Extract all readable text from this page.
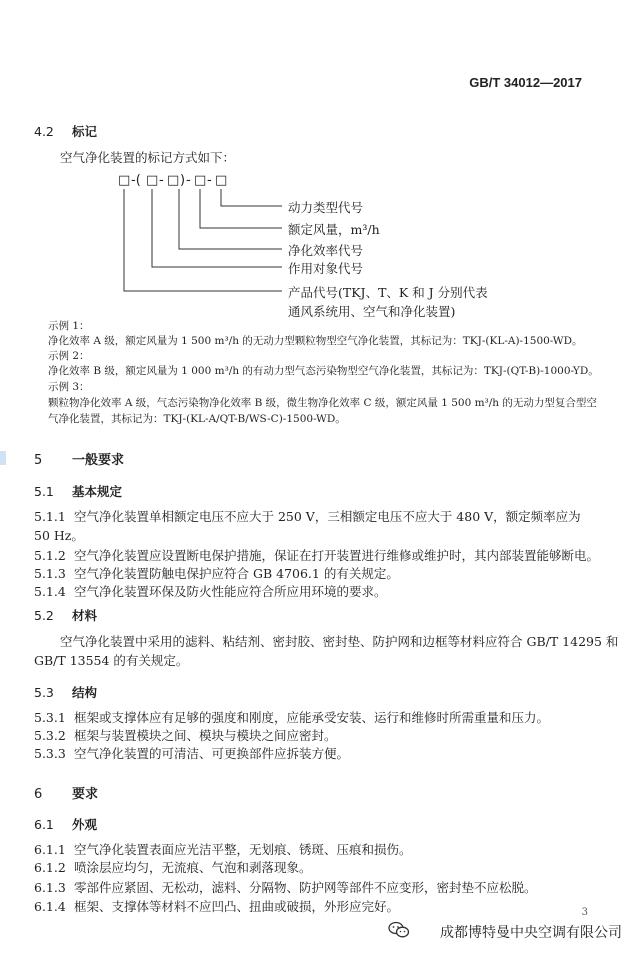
GB/T 34012—2017
4.2 标记
空气净化装置的标记方式如下：
□ -( □ - □ ) - □ - □
动力类型代号
额定风量，m³/h
净化效率代号
作用对象代号
产品代号(TKJ、T、K 和 J 分别代表
通风系统用、空气和净化装置)
示例 1：
净化效率 A 级，额定风量为 1 500 m³/h 的无动力型颗粒物型空气净化装置，其标记为：TKJ-(KL-A)-1500-WD。
示例 2：
净化效率 B 级，额定风量为 1 000 m³/h 的有动力型气态污染物型空气净化装置，其标记为：TKJ-(QT-B)-1000-YD。
示例 3：
颗粒物净化效率 A 级，气态污染物净化效率 B 级，微生物净化效率 C 级，额定风量 1 500 m³/h 的无动力型复合型空
气净化装置，其标记为：TKJ-(KL-A/QT-B/WS-C)-1500-WD。
5 一般要求
5.1 基本规定
5.1.1 空气净化装置单相额定电压不应大于 250 V，三相额定电压不应大于 480 V，额定频率应为
50 Hz。
5.1.2 空气净化装置应设置断电保护措施，保证在打开装置进行维修或维护时，其内部装置能够断电。
5.1.3 空气净化装置防触电保护应符合 GB 4706.1 的有关规定。
5.1.4 空气净化装置环保及防火性能应符合所应用环境的要求。
5.2 材料
空气净化装置中采用的滤料、粘结剂、密封胶、密封垫、防护网和边框等材料应符合 GB/T 14295 和
GB/T 13554 的有关规定。
5.3 结构
5.3.1 框架或支撑体应有足够的强度和刚度，应能承受安装、运行和维修时所需重量和压力。
5.3.2 框架与装置模块之间、模块与模块之间应密封。
5.3.3 空气净化装置的可清洁、可更换部件应拆装方便。
6 要求
6.1 外观
6.1.1 空气净化装置表面应光洁平整，无划痕、锈斑、压痕和损伤。
6.1.2 喷涂层应均匀，无流痕、气泡和剥落现象。
6.1.3 零部件应紧固、无松动，滤料、分隔物、防护网等部件不应变形，密封垫不应松脱。
6.1.4 框架、支撑体等材料不应凹凸、扭曲或破损，外形应完好。	3
成都博特曼中央空调有限公司
